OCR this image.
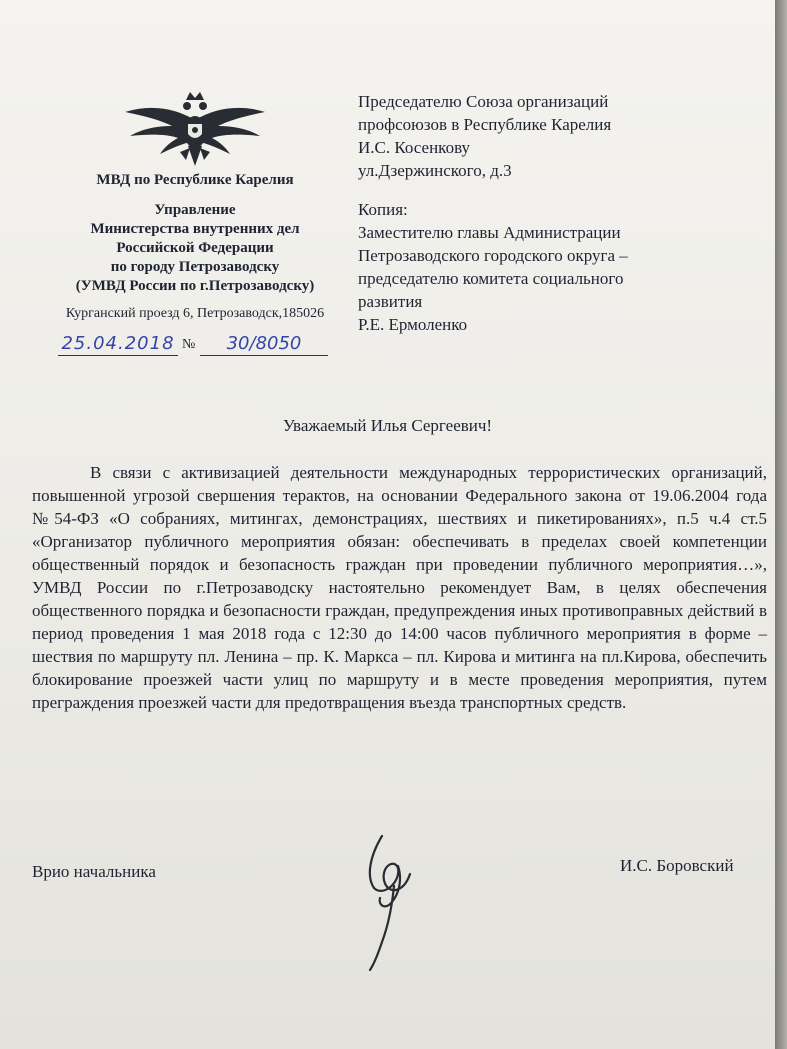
МВД по Республике Карелия
Управление
Министерства внутренних дел
Российской Федерации
по городу Петрозаводску
(УМВД России по г.Петрозаводску)
Курганский проезд 6, Петрозаводск,185026
25.04.2018 №	30/8050
Председателю Союза организаций
профсоюзов в Республике Карелия
И.С. Косенкову
ул.Дзержинского, д.3
Копия:
Заместителю главы Администрации
Петрозаводского городского округа –
председателю комитета социального
развития
Р.Е. Ермоленко
Уважаемый Илья Сергеевич!
В связи с активизацией деятельности международных террористических организаций, повышенной угрозой свершения терактов, на основании Федерального закона от 19.06.2004 года №54-ФЗ «О собраниях, митингах, демонстрациях, шествиях и пикетированиях», п.5 ч.4 ст.5 «Организатор публичного мероприятия обязан: обеспечивать в пределах своей компетенции общественный порядок и безопасность граждан при проведении публичного мероприятия…», УМВД России по г.Петрозаводску настоятельно рекомендует Вам, в целях обеспечения общественного порядка и безопасности граждан, предупреждения иных противоправных действий в период проведения 1 мая 2018 года с 12:30 до 14:00 часов публичного мероприятия в форме – шествия по маршруту пл. Ленина – пр. К. Маркса – пл. Кирова и митинга на пл.Кирова, обеспечить блокирование проезжей части улиц по маршруту и в месте проведения мероприятия, путем преграждения проезжей части для предотвращения въезда транспортных средств.
Врио начальника	И.С. Боровский
